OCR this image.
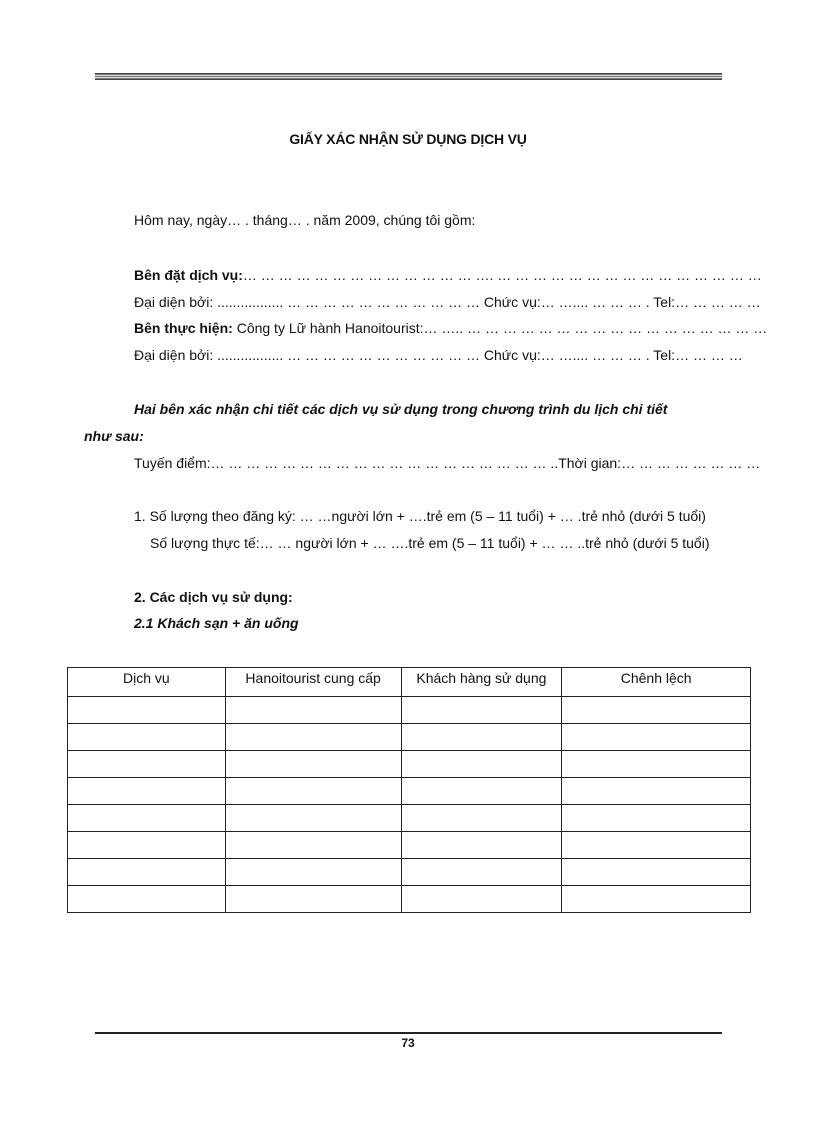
GIẤY XÁC NHẬN SỬ DỤNG DỊCH VỤ
Hôm nay, ngày… . tháng… . năm 2009, chúng tôi gồm:
Bên đặt dịch vụ:… … … … … … … … … … … … … …. … … … … … … … … … … … … … … …
Đại diện bởi: ................. … … … … … … … … … … … Chức vụ:… ….... … … … . Tel:… … … … …
Bên thực hiện: Công ty Lữ hành Hanoitourist:… ….. … … … … … … … … … … … … … … … … …
Đại diện bởi: ................. … … … … … … … … … … … Chức vụ:… ….... … … … . Tel:… … … …
Hai bên xác nhận chi tiết các dịch vụ sử dụng trong chương trình du lịch chi tiết
như sau:
Tuyến điểm:… … … … … … … … … … … … … … … … … … … ..Thời gian:… … … … … … … …
1. Số lượng theo đăng ký: … …người lớn + ….trẻ em (5 – 11 tuổi) + … .trẻ nhỏ (dưới 5 tuổi)
Số lượng thực tế:… … người lớn + … ….trẻ em (5 – 11 tuổi) + … … ..trẻ nhỏ (dưới 5 tuổi)
2. Các dịch vụ sử dụng:
2.1 Khách sạn + ăn uống
Dịch vụ	Hanoitourist cung cấp	Khách hàng sử dụng	Chênh lệch

73
